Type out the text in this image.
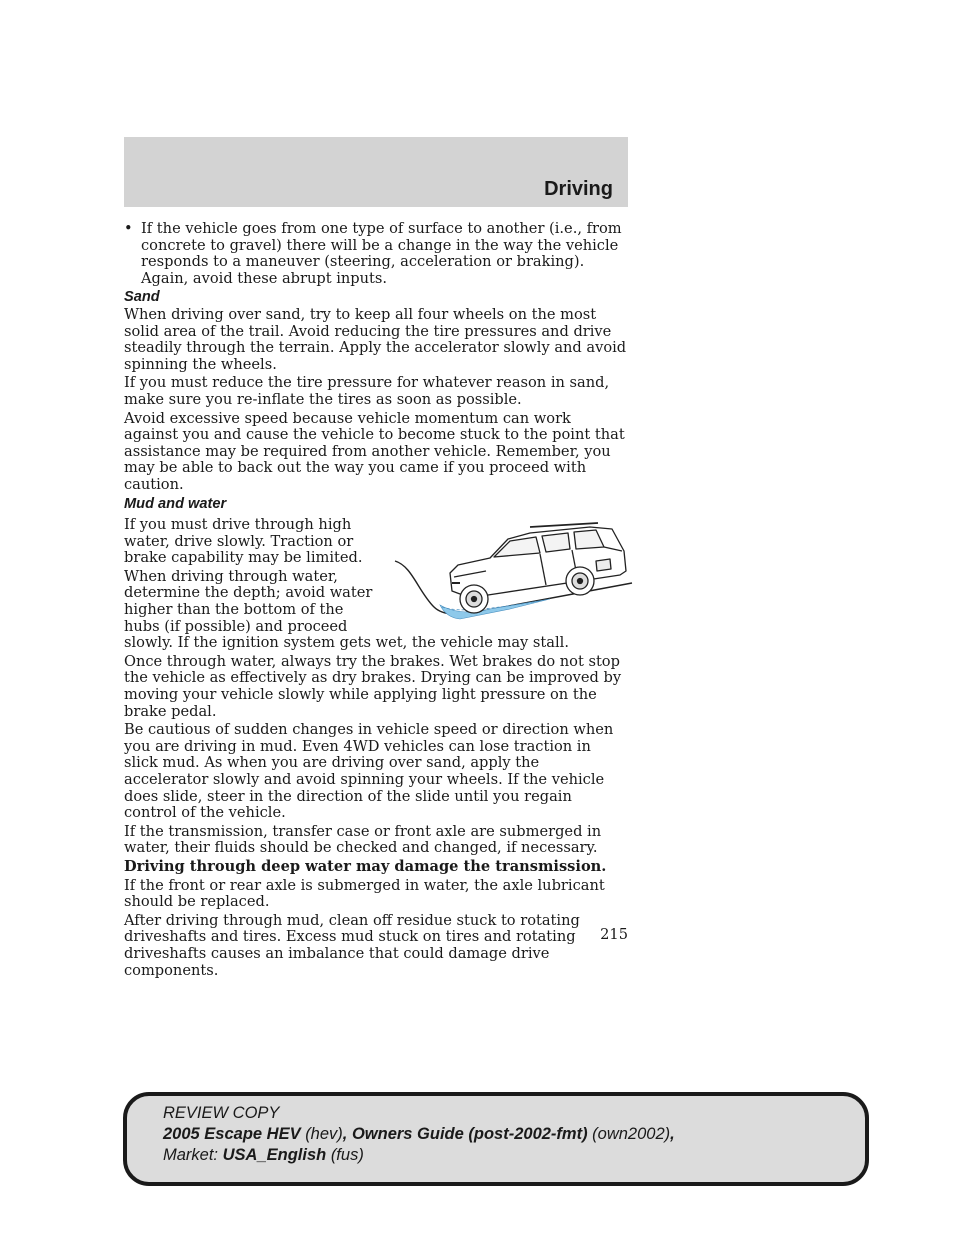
Driving
• If the vehicle goes from one type of surface to another (i.e., from concrete to gravel) there will be a change in the way the vehicle responds to a maneuver (steering, acceleration or braking). Again, avoid these abrupt inputs.
Sand

When driving over sand, try to keep all four wheels on the most solid area of the trail. Avoid reducing the tire pressures and drive steadily through the terrain. Apply the accelerator slowly and avoid spinning the wheels.

If you must reduce the tire pressure for whatever reason in sand, make sure you re-inflate the tires as soon as possible.

Avoid excessive speed because vehicle momentum can work against you and cause the vehicle to become stuck to the point that assistance may be required from another vehicle. Remember, you may be able to back out the way you came if you proceed with caution.

Mud and water

If you must drive through high water, drive slowly. Traction or brake capability may be limited.

When driving through water, determine the depth; avoid water higher than the bottom of the hubs (if possible) and proceed slowly. If the ignition system gets wet, the vehicle may stall.

Once through water, always try the brakes. Wet brakes do not stop the vehicle as effectively as dry brakes. Drying can be improved by moving your vehicle slowly while applying light pressure on the brake pedal.

Be cautious of sudden changes in vehicle speed or direction when you are driving in mud. Even 4WD vehicles can lose traction in slick mud. As when you are driving over sand, apply the accelerator slowly and avoid spinning your wheels. If the vehicle does slide, steer in the direction of the slide until you regain control of the vehicle.

If the transmission, transfer case or front axle are submerged in water, their fluids should be checked and changed, if necessary.

Driving through deep water may damage the transmission.

If the front or rear axle is submerged in water, the axle lubricant should be replaced.

After driving through mud, clean off residue stuck to rotating driveshafts and tires. Excess mud stuck on tires and rotating driveshafts causes an imbalance that could damage drive components.

215
REVIEW COPY
2005 Escape HEV (hev), Owners Guide (post-2002-fmt) (own2002),
Market: USA_English (fus)
